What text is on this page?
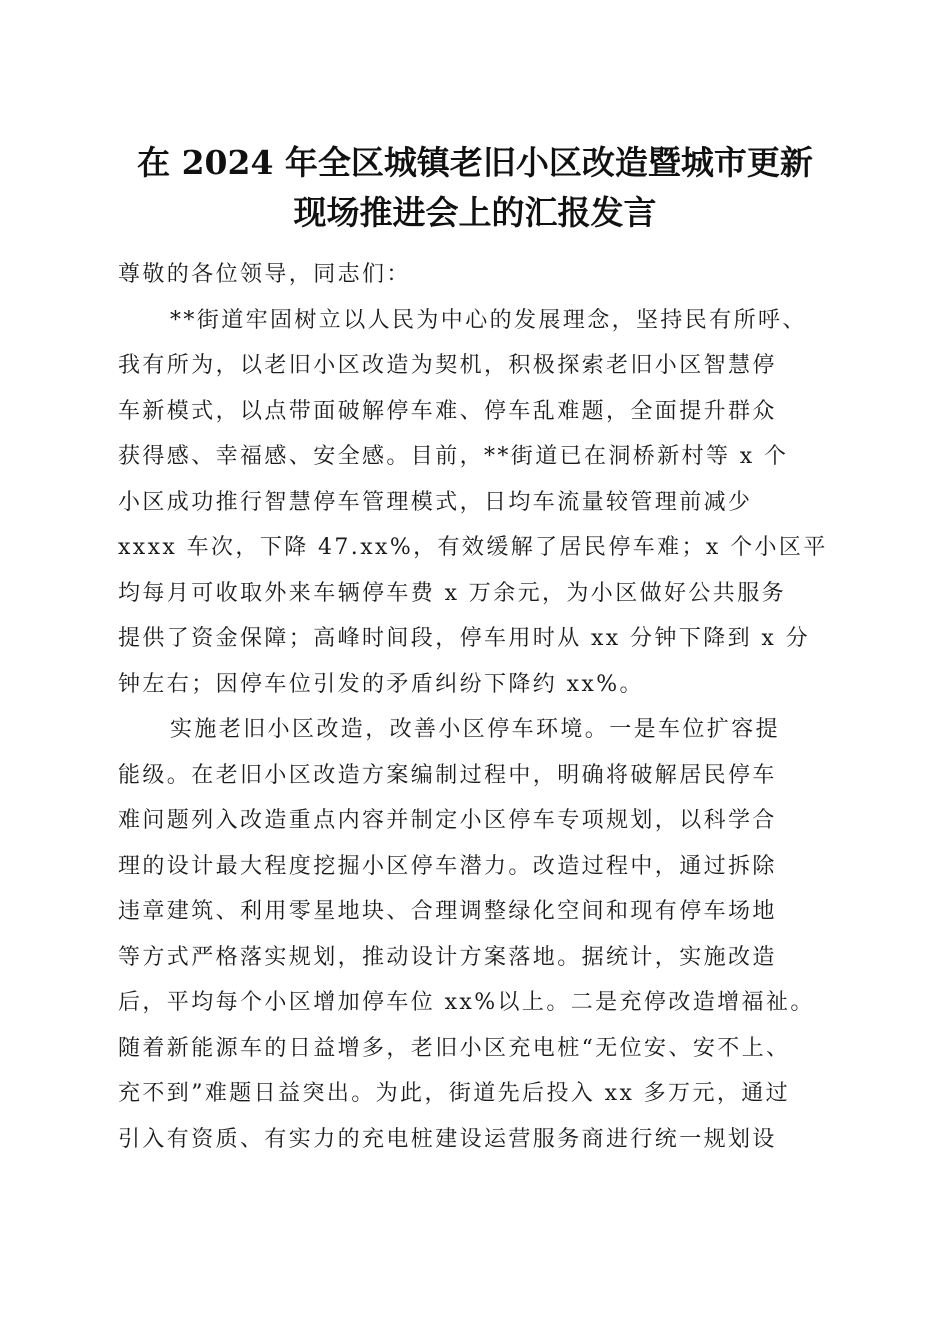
在 2024 年全区城镇老旧小区改造暨城市更新
现场推进会上的汇报发言
尊敬的各位领导，同志们：
**街道牢固树立以人民为中心的发展理念，坚持民有所呼、
我有所为，以老旧小区改造为契机，积极探索老旧小区智慧停
车新模式，以点带面破解停车难、停车乱难题，全面提升群众
获得感、幸福感、安全感。目前，**街道已在洞桥新村等 x 个
小区成功推行智慧停车管理模式，日均车流量较管理前减少
xxxx 车次，下降 47.xx%，有效缓解了居民停车难；x 个小区平
均每月可收取外来车辆停车费 x 万余元，为小区做好公共服务
提供了资金保障；高峰时间段，停车用时从 xx 分钟下降到 x 分
钟左右；因停车位引发的矛盾纠纷下降约 xx%。
实施老旧小区改造，改善小区停车环境。一是车位扩容提
能级。在老旧小区改造方案编制过程中，明确将破解居民停车
难问题列入改造重点内容并制定小区停车专项规划，以科学合
理的设计最大程度挖掘小区停车潜力。改造过程中，通过拆除
违章建筑、利用零星地块、合理调整绿化空间和现有停车场地
等方式严格落实规划，推动设计方案落地。据统计，实施改造
后，平均每个小区增加停车位 xx%以上。二是充停改造增福祉。
随着新能源车的日益增多，老旧小区充电桩“无位安、安不上、
充不到”难题日益突出。为此，街道先后投入 xx 多万元，通过
引入有资质、有实力的充电桩建设运营服务商进行统一规划设
